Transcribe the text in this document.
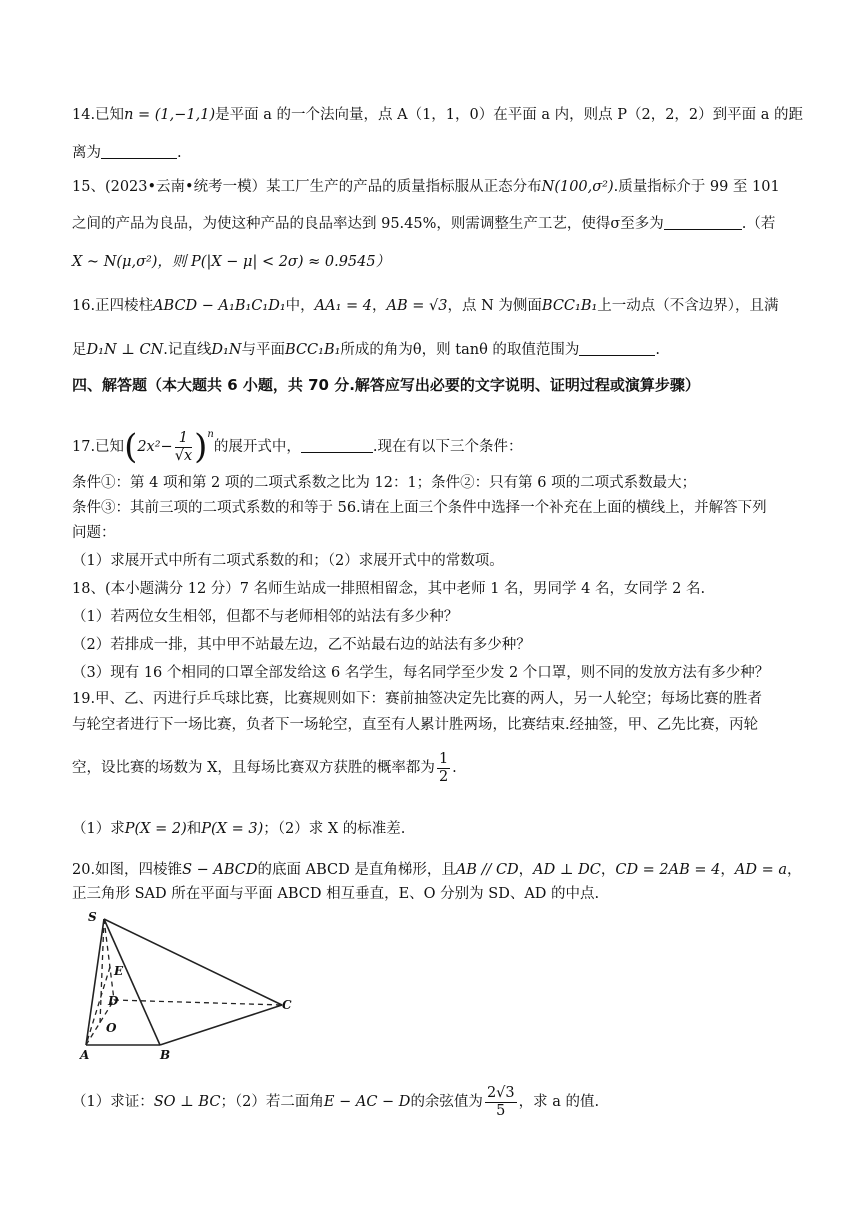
14.已知n = (1,−1,1)是平面 a 的一个法向量，点 A（1，1，0）在平面 a 内，则点 P（2，2，2）到平面 a 的距
离为	.
15、(2023•云南•统考一模）某工厂生产的产品的质量指标服从正态分布N(100,σ²).质量指标介于 99 至 101
之间的产品为良品，为使这种产品的良品率达到 95.45%，则需调整生产工艺，使得σ至多为	.（若
X ~ N(μ,σ²)，则 P(|X − μ| < 2σ) ≈ 0.9545）
16.正四棱柱ABCD − A₁B₁C₁D₁中，AA₁ = 4，AB = √3，点 N 为侧面BCC₁B₁上一动点（不含边界），且满
足D₁N ⊥ CN.记直线D₁N与平面BCC₁B₁所成的角为θ，则 tanθ 的取值范围为	.
四、解答题（本大题共 6 小题，共 70 分.解答应写出必要的文字说明、证明过程或演算步骤）
17.已知$(2x^2- \frac{1}{√x} )^n$的展开式中，	.现在有以下三个条件：
条件①：第 4 项和第 2 项的二项式系数之比为 12：1；条件②：只有第 6 项的二项式系数最大；
条件③：其前三项的二项式系数的和等于 56.请在上面三个条件中选择一个补充在上面的横线上，并解答下列
问题：
（1）求展开式中所有二项式系数的和；（2）求展开式中的常数项。
18、(本小题满分 12 分）7 名师生站成一排照相留念，其中老师 1 名，男同学 4 名，女同学 2 名.
（1）若两位女生相邻，但都不与老师相邻的站法有多少种？
（2）若排成一排，其中甲不站最左边，乙不站最右边的站法有多少种？
（3）现有 16 个相同的口罩全部发给这 6 名学生，每名同学至少发 2 个口罩，则不同的发放方法有多少种？
19.甲、乙、丙进行乒乓球比赛，比赛规则如下：赛前抽签决定先比赛的两人，另一人轮空；每场比赛的胜者
与轮空者进行下一场比赛，负者下一场轮空，直至有人累计胜两场，比赛结束.经抽签，甲、乙先比赛，丙轮
空，设比赛的场数为 X，且每场比赛双方获胜的概率都为 $\frac{1}{2}$ .
（1）求P(X = 2)和P(X = 3)；（2）求 X 的标准差.
20.如图，四棱锥S − ABCD的底面 ABCD 是直角梯形，且AB // CD，AD ⊥ DC，CD = 2AB = 4，AD = a，
正三角形 SAD 所在平面与平面 ABCD 相互垂直，E、O 分别为 SD、AD 的中点.
S
E
D
O
A	B
C
（1）求证：SO ⊥ BC；（2）若二面角E − AC − D的余弦值为 $\frac{2√3}{5}$ ，求 a 的值.
